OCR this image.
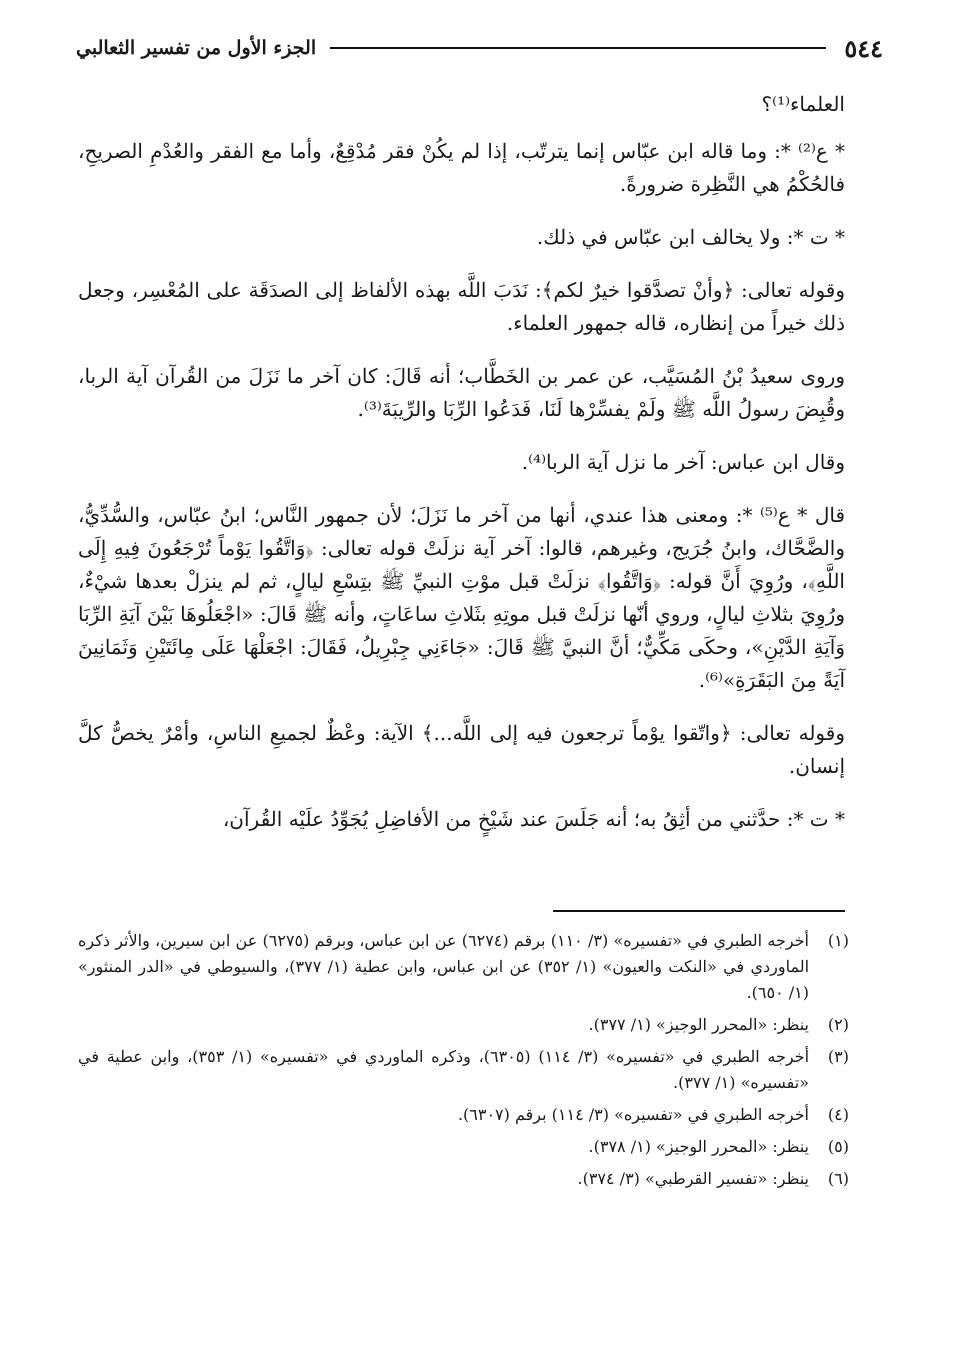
٥٤٤
الجزء الأول من تفسير الثعالبي

العلماء⁽¹⁾؟

* ع⁽²⁾ *: وما قاله ابن عبّاس إنما يترتّب، إذا لم يكُنْ فقر مُدْقِعٌ، وأما مع الفقر والعُدْمِ الصريحِ، فالحُكْمُ هي النَّظِرة ضرورةً.

* ت *: ولا يخالف ابن عبّاس في ذلك.

وقوله تعالى: ﴿وأنْ تصدَّقوا خيرٌ لكم﴾: نَدَبَ اللَّه بهذه الألفاظ إلى الصدَقَة على المُعْسِر، وجعل ذلك خيراً من إنظاره، قاله جمهور العلماء.

وروى سعيدُ بْنُ المُسَيَّب، عن عمر بن الخَطَّاب؛ أنه قَالَ: كان آخر ما نَزَلَ من القُرآن آية الربا، وقُبِضَ رسولُ اللَّه ﷺ ولَمْ يفسِّرْها لَنَا، فَدَعُوا الرِّبَا والرِّيبَةَ⁽³⁾.

وقال ابن عباس: آخر ما نزل آية الربا⁽⁴⁾.

قال * ع⁽⁵⁾ *: ومعنى هذا عندي، أنها من آخر ما نَزَلَ؛ لأن جمهور النَّاس؛ ابنُ عبّاس، والسُّدِّيُّ، والضَّحَّاك، وابنُ جُرَيج، وغيرهم، قالوا: آخر آية نزلَتْ قوله تعالى: ﴿وَاتَّقُوا يَوْماً تُرْجَعُونَ فِيهِ إِلَى اللَّهِ﴾، ورُوِيَ أَنَّ قوله: ﴿وَاتَّقُوا﴾ نزلَتْ قبل موْتِ النبيِّ ﷺ بتِسْعِ ليالٍ، ثم لم ينزلْ بعدها شيْءٌ، ورُوِيَ بثلاثِ ليالٍ، وروي أنّها نزلَتْ قبل موتِهِ بثَلاثِ ساعَاتٍ، وأنه ﷺ قَالَ: «اجْعَلُوهَا بَيْنَ آيَةِ الرِّبَا وَآيَةِ الدَّيْنِ»، وحكَى مَكِّيٌّ؛ أنَّ النبيَّ ﷺ قَالَ: «جَاءَنِي جِبْرِيلُ، فَقَالَ: اجْعَلْهَا عَلَى مِائَتَيْنِ وَثَمَانِينَ آيَةً مِنَ البَقَرَةِ»⁽⁶⁾.

وقوله تعالى: ﴿واتّقوا يوْماً ترجعون فيه إلى اللَّه...﴾ الآية: وعْظٌ لجميعِ الناسِ، وأمْرٌ يخصُّ كلَّ إنسان.

* ت *: حدَّثني من أثِقُ به؛ أنه جَلَسَ عند شَيْخٍ من الأفاضِلِ يُجَوِّدُ علَيْه القُرآن،

(١)
أخرجه الطبري في «تفسيره» (٣/ ١١٠) برقم (٦٢٧٤) عن ابن عباس، وبرقم (٦٢٧٥) عن ابن سيرين، والأثر ذكره الماوردي في «النكت والعيون» (١/ ٣٥٢) عن ابن عباس، وابن عطية (١/ ٣٧٧)، والسيوطي في «الدر المنثور» (١/ ٦٥٠).
(٢)
ينظر: «المحرر الوجيز» (١/ ٣٧٧).
(٣)
أخرجه الطبري في «تفسيره» (٣/ ١١٤) (٦٣٠٥)، وذكره الماوردي في «تفسيره» (١/ ٣٥٣)، وابن عطية في «تفسيره» (١/ ٣٧٧).
(٤)
أخرجه الطبري في «تفسيره» (٣/ ١١٤) برقم (٦٣٠٧).
(٥)
ينظر: «المحرر الوجيز» (١/ ٣٧٨).
(٦)
ينظر: «تفسير القرطبي» (٣/ ٣٧٤).
